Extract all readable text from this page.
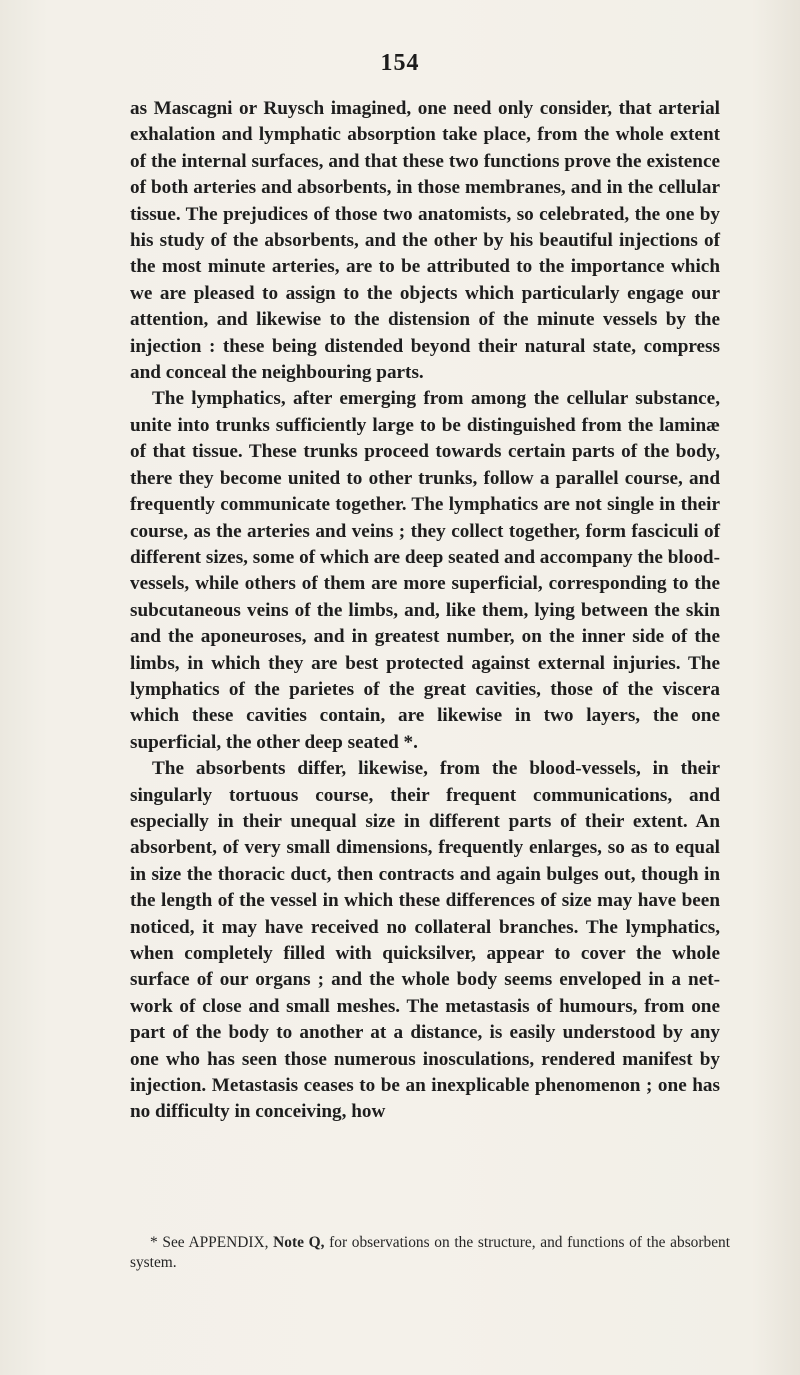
154

as Mascagni or Ruysch imagined, one need only consider, that arterial exhalation and lymphatic absorption take place, from the whole extent of the internal surfaces, and that these two functions prove the existence of both arteries and absorbents, in those membranes, and in the cellular tissue. The prejudices of those two anatomists, so celebrated, the one by his study of the absorbents, and the other by his beautiful injections of the most minute arteries, are to be attributed to the importance which we are pleased to assign to the objects which particularly engage our attention, and likewise to the distension of the minute vessels by the injection : these being distended beyond their natural state, compress and conceal the neighbouring parts.

The lymphatics, after emerging from among the cellular substance, unite into trunks sufficiently large to be distinguished from the laminæ of that tissue. These trunks proceed towards certain parts of the body, there they become united to other trunks, follow a parallel course, and frequently communicate together. The lymphatics are not single in their course, as the arteries and veins ; they collect together, form fasciculi of different sizes, some of which are deep seated and accompany the blood-vessels, while others of them are more superficial, corresponding to the subcutaneous veins of the limbs, and, like them, lying between the skin and the aponeuroses, and in greatest number, on the inner side of the limbs, in which they are best protected against external injuries. The lymphatics of the parietes of the great cavities, those of the viscera which these cavities contain, are likewise in two layers, the one superficial, the other deep seated *.

The absorbents differ, likewise, from the blood-vessels, in their singularly tortuous course, their frequent communications, and especially in their unequal size in different parts of their extent. An absorbent, of very small dimensions, frequently enlarges, so as to equal in size the thoracic duct, then contracts and again bulges out, though in the length of the vessel in which these differences of size may have been noticed, it may have received no collateral branches. The lymphatics, when completely filled with quicksilver, appear to cover the whole surface of our organs ; and the whole body seems enveloped in a net-work of close and small meshes. The metastasis of humours, from one part of the body to another at a distance, is easily understood by any one who has seen those numerous inosculations, rendered manifest by injection. Metastasis ceases to be an inexplicable phenomenon ; one has no difficulty in conceiving, how

* See APPENDIX, Note Q, for observations on the structure, and functions of the absorbent system.
